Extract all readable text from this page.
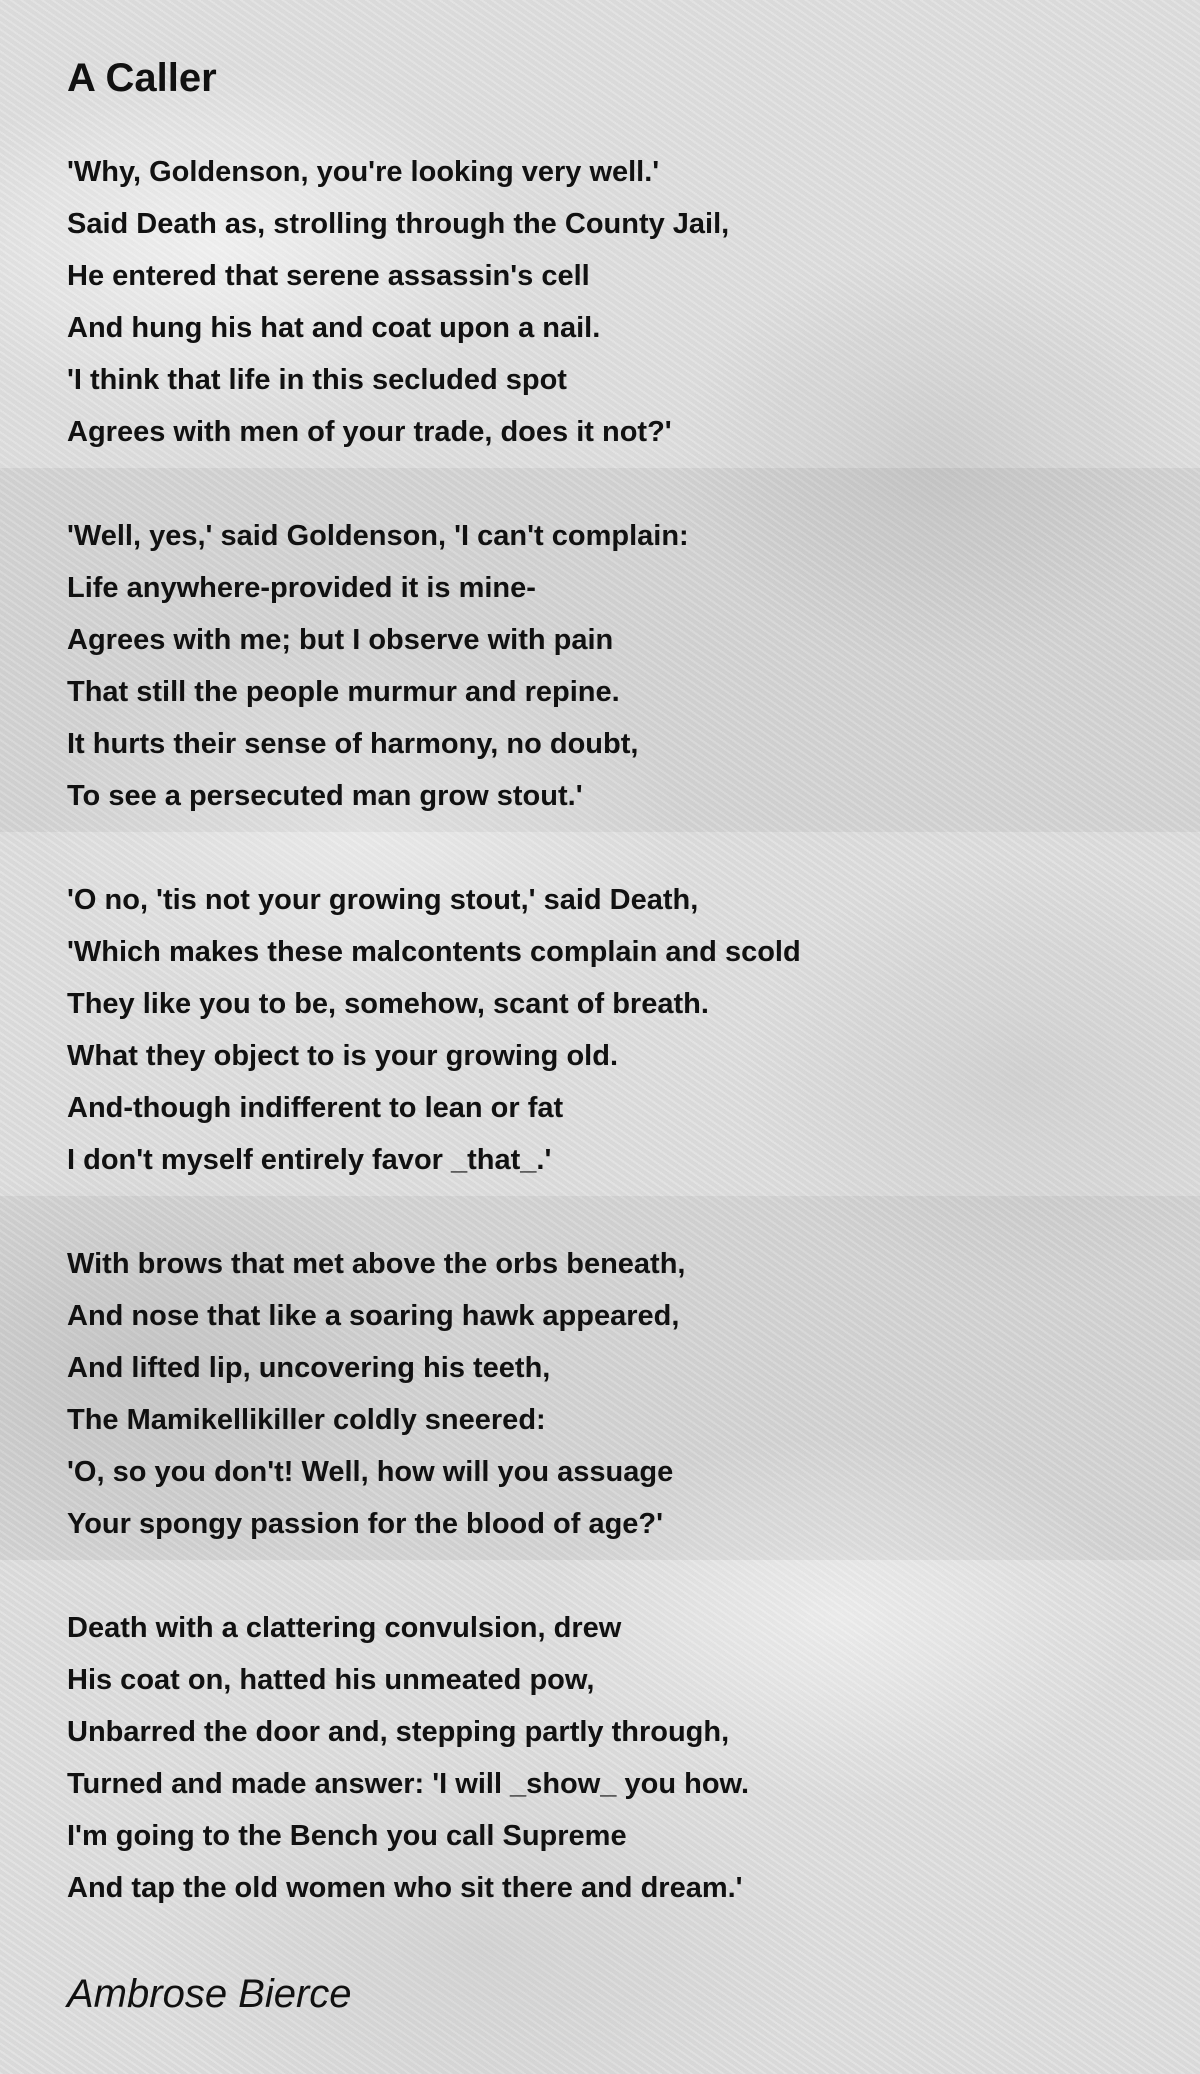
A Caller
'Why, Goldenson, you're looking very well.'
Said Death as, strolling through the County Jail,
He entered that serene assassin's cell
And hung his hat and coat upon a nail.
'I think that life in this secluded spot
Agrees with men of your trade, does it not?'
'Well, yes,' said Goldenson, 'I can't complain:
Life anywhere-provided it is mine-
Agrees with me; but I observe with pain
That still the people murmur and repine.
It hurts their sense of harmony, no doubt,
To see a persecuted man grow stout.'
'O no, 'tis not your growing stout,' said Death,
'Which makes these malcontents complain and scold
They like you to be, somehow, scant of breath.
What they object to is your growing old.
And-though indifferent to lean or fat
I don't myself entirely favor _that_.'
With brows that met above the orbs beneath,
And nose that like a soaring hawk appeared,
And lifted lip, uncovering his teeth,
The Mamikellikiller coldly sneered:
'O, so you don't! Well, how will you assuage
Your spongy passion for the blood of age?'
Death with a clattering convulsion, drew
His coat on, hatted his unmeated pow,
Unbarred the door and, stepping partly through,
Turned and made answer: 'I will _show_ you how.
I'm going to the Bench you call Supreme
And tap the old women who sit there and dream.'
Ambrose Bierce
